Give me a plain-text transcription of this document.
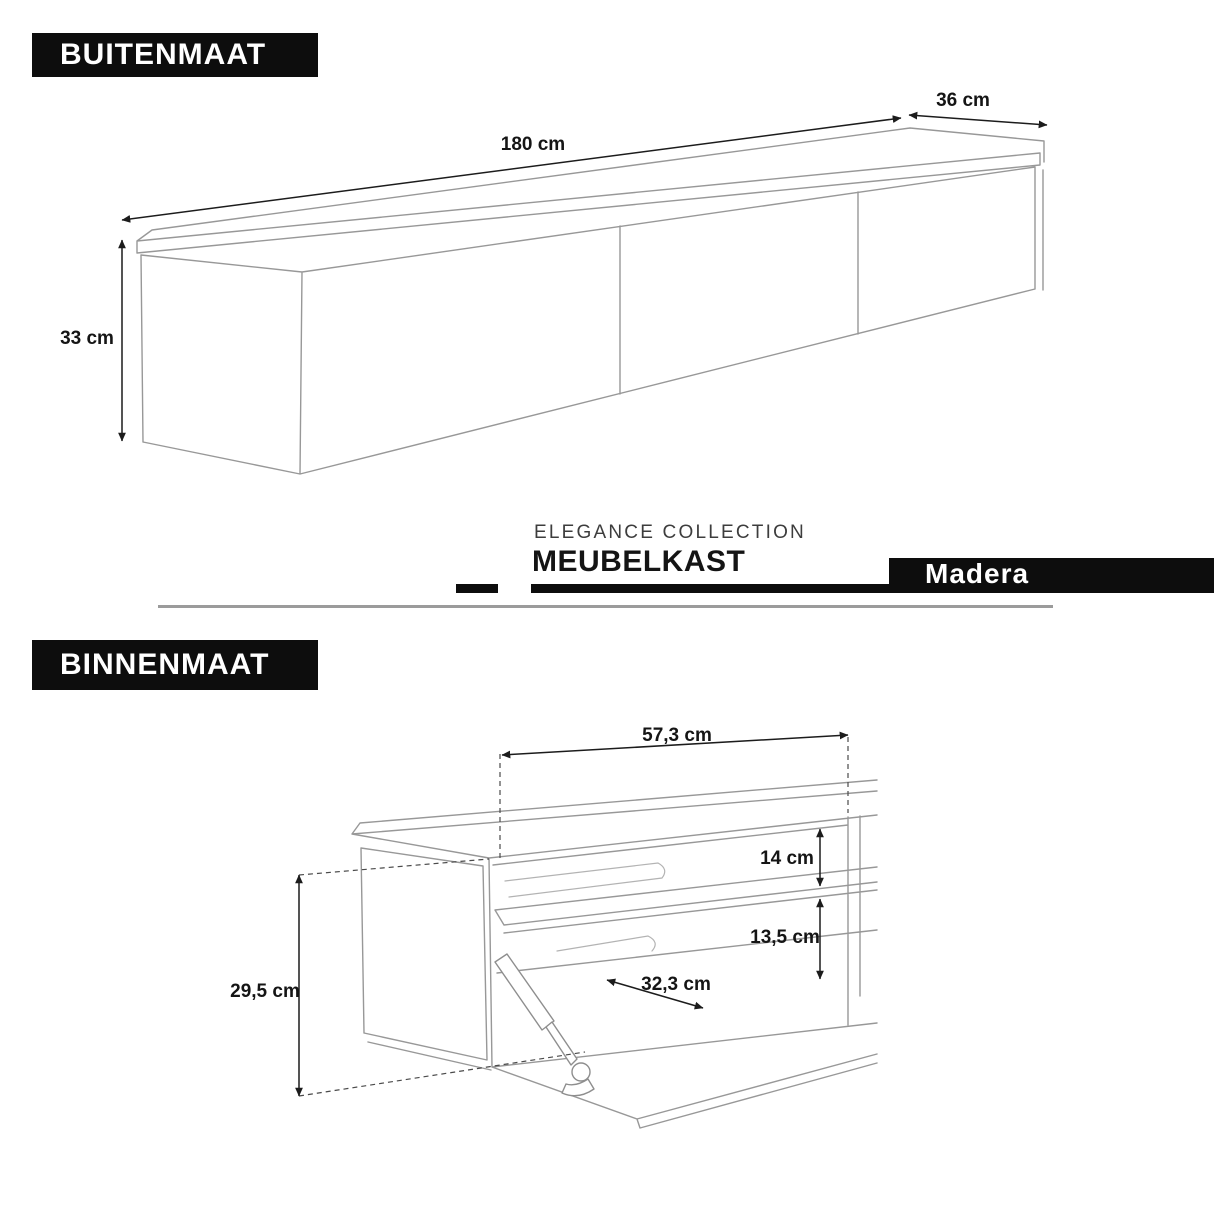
180 cm
36 cm
33 cm
57,3 cm
14 cm
13,5 cm
32,3 cm
29,5 cm
BUITENMAAT
BINNENMAAT
ELEGANCE COLLECTION
MEUBELKAST	Madera
